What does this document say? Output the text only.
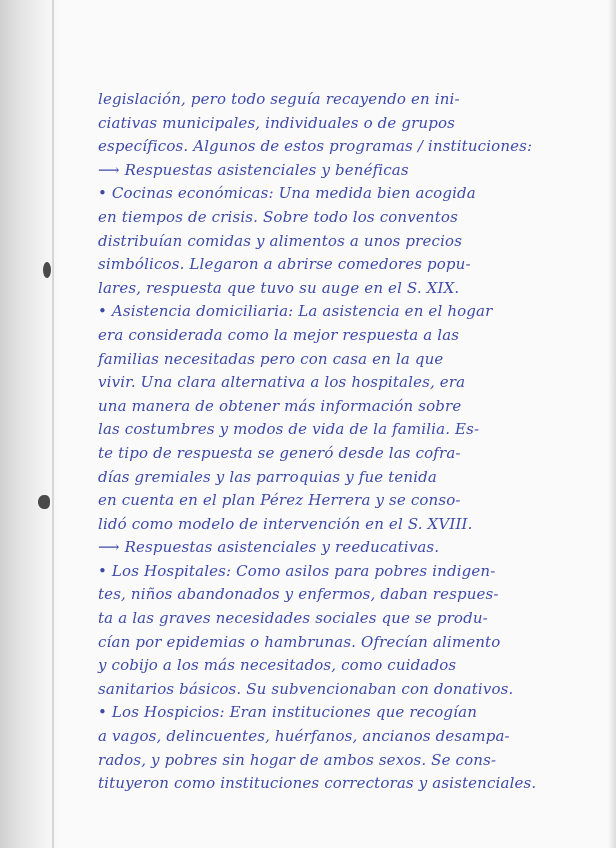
legislación, pero todo seguía recayendo en ini-
ciativas municipales, individuales o de grupos
específicos. Algunos de estos programas / instituciones:
⟶ Respuestas asistenciales y benéficas
• Cocinas económicas: Una medida bien acogida
en tiempos de crisis. Sobre todo los conventos
distribuían comidas y alimentos a unos precios
simbólicos. Llegaron a abrirse comedores popu-
lares, respuesta que tuvo su auge en el S. XIX.
• Asistencia domiciliaria: La asistencia en el hogar
era considerada como la mejor respuesta a las
familias necesitadas pero con casa en la que
vivir. Una clara alternativa a los hospitales, era
una manera de obtener más información sobre
las costumbres y modos de vida de la familia. Es-
te tipo de respuesta se generó desde las cofra-
días gremiales y las parroquias y fue tenida
en cuenta en el plan Pérez Herrera y se conso-
lidó como modelo de intervención en el S. XVIII.
⟶ Respuestas asistenciales y reeducativas.
• Los Hospitales: Como asilos para pobres indigen-
tes, niños abandonados y enfermos, daban respues-
ta a las graves necesidades sociales que se produ-
cían por epidemias o hambrunas. Ofrecían alimento
y cobijo a los más necesitados, como cuidados
sanitarios básicos. Su subvencionaban con donativos.
• Los Hospicios: Eran instituciones que recogían
a vagos, delincuentes, huérfanos, ancianos desampa-
rados, y pobres sin hogar de ambos sexos. Se cons-
tituyeron como instituciones correctoras y asistenciales.
